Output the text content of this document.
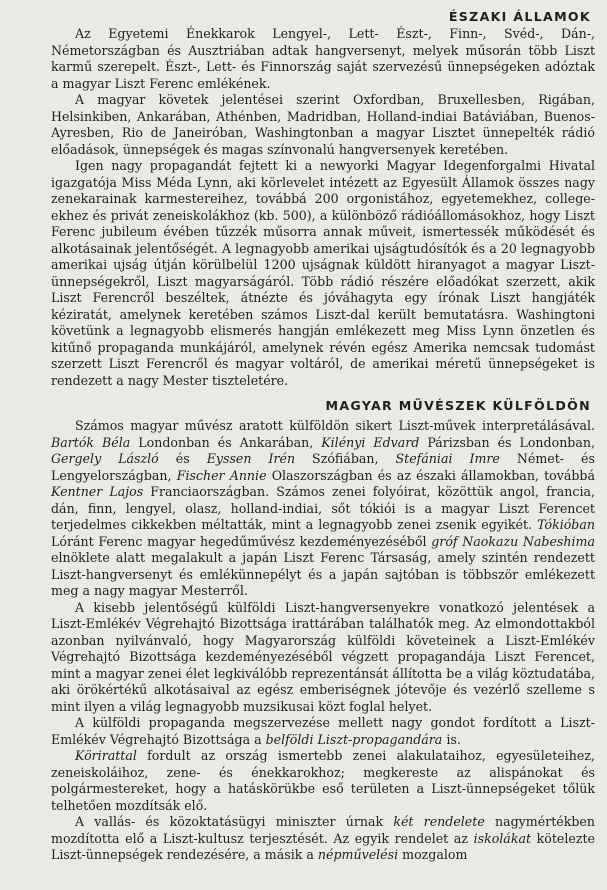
ÉSZAKI ÁLLAMOK

Az Egyetemi Énekkarok Lengyel-, Lett- Észt-, Finn-, Svéd-, Dán-, Németországban és Ausztriában adtak hangversenyt, melyek műsorán több Liszt karmű szerepelt. Észt-, Lett- és Finnország saját szervezésű ünnepségeken adóztak a magyar Liszt Ferenc emlékének.

A magyar követek jelentései szerint Oxfordban, Bruxellesben, Rigában, Helsinkiben, Ankarában, Athénben, Madridban, Holland-indiai Batáviában, Buenos-Ayresben, Rio de Janeiróban, Washingtonban a magyar Lisztet ünnepelték rádió előadások, ünnepségek és magas színvonalú hangversenyek keretében.

Igen nagy propagandát fejtett ki a newyorki Magyar Idegenforgalmi Hivatal igazgatója Miss Méda Lynn, aki körlevelet intézett az Egyesült Államok összes nagy zenekarainak karmestereihez, továbbá 200 orgonistához, egyetemekhez, college-ekhez és privát zeneiskolákhoz (kb. 500), a különböző rádióállomásokhoz, hogy Liszt Ferenc jubileum évében tűzzék műsorra annak műveit, ismertessék működését és alkotásainak jelentőségét. A legnagyobb amerikai ujságtudósítók és a 20 legnagyobb amerikai ujság útján körülbelül 1200 ujságnak küldött hiranyagot a magyar Liszt-ünnepségekről, Liszt magyarságáról. Több rádió részére előadókat szerzett, akik Liszt Ferencről beszéltek, átnézte és jóváhagyta egy írónak Liszt hangjáték kéziratát, amelynek keretében számos Liszt-dal került bemutatásra. Washingtoni követünk a legnagyobb elismerés hangján emlékezett meg Miss Lynn önzetlen és kitűnő propaganda munkájáról, amelynek révén egész Amerika nemcsak tudomást szerzett Liszt Ferencről és magyar voltáról, de amerikai méretű ünnepségeket is rendezett a nagy Mester tiszteletére.

MAGYAR MŰVÉSZEK KÜLFÖLDÖN

Számos magyar művész aratott külföldön sikert Liszt-művek interpretálásával. Bartók Béla Londonban és Ankarában, Kilényi Edvard Párizsban és Londonban, Gergely László és Eyssen Irén Szófiában, Stefániai Imre Német- és Lengyelországban, Fischer Annie Olaszországban és az északi államokban, továbbá Kentner Lajos Franciaországban. Számos zenei folyóirat, közöttük angol, francia, dán, finn, lengyel, olasz, holland-indiai, sőt tókiói is a magyar Liszt Ferencet terjedelmes cikkekben méltatták, mint a legnagyobb zenei zsenik egyikét. Tókióban Lóránt Ferenc magyar hegedűművész kezdeményezéséből gróf Naokazu Nabeshima elnöklete alatt megalakult a japán Liszt Ferenc Társaság, amely szintén rendezett Liszt-hangversenyt és emlékünnepélyt és a japán sajtóban is többször emlékezett meg a nagy magyar Mesterről.

A kisebb jelentőségű külföldi Liszt-hangversenyekre vonatkozó jelentések a Liszt-Emlékév Végrehajtó Bizottsága irattárában találhatók meg. Az elmondottakból azonban nyilvánvaló, hogy Magyarország külföldi követeinek a Liszt-Emlékév Végrehajtó Bizottsága kezdeményezéséből végzett propagandája Liszt Ferencet, mint a magyar zenei élet legkiválóbb reprezentánsát állította be a világ köztudatába, aki örökértékű alkotásaival az egész emberiségnek jótevője és vezérlő szelleme s mint ilyen a világ legnagyobb muzsikusai közt foglal helyet.

A külföldi propaganda megszervezése mellett nagy gondot fordított a Liszt-Emlékév Végrehajtó Bizottsága a belföldi Liszt-propagandára is.

Körirattal fordult az ország ismertebb zenei alakulataihoz, egyesületeihez, zeneiskoláihoz, zene- és énekkarokhoz; megkereste az alispánokat és polgármestereket, hogy a hatáskörükbe eső területen a Liszt-ünnepségeket tőlük telhetően mozdítsák elő.

A vallás- és közoktatásügyi miniszter úrnak két rendelete nagymértékben mozdította elő a Liszt-kultusz terjesztését. Az egyik rendelet az iskolákat kötelezte Liszt-ünnepségek rendezésére, a másik a népművelési mozgalom
